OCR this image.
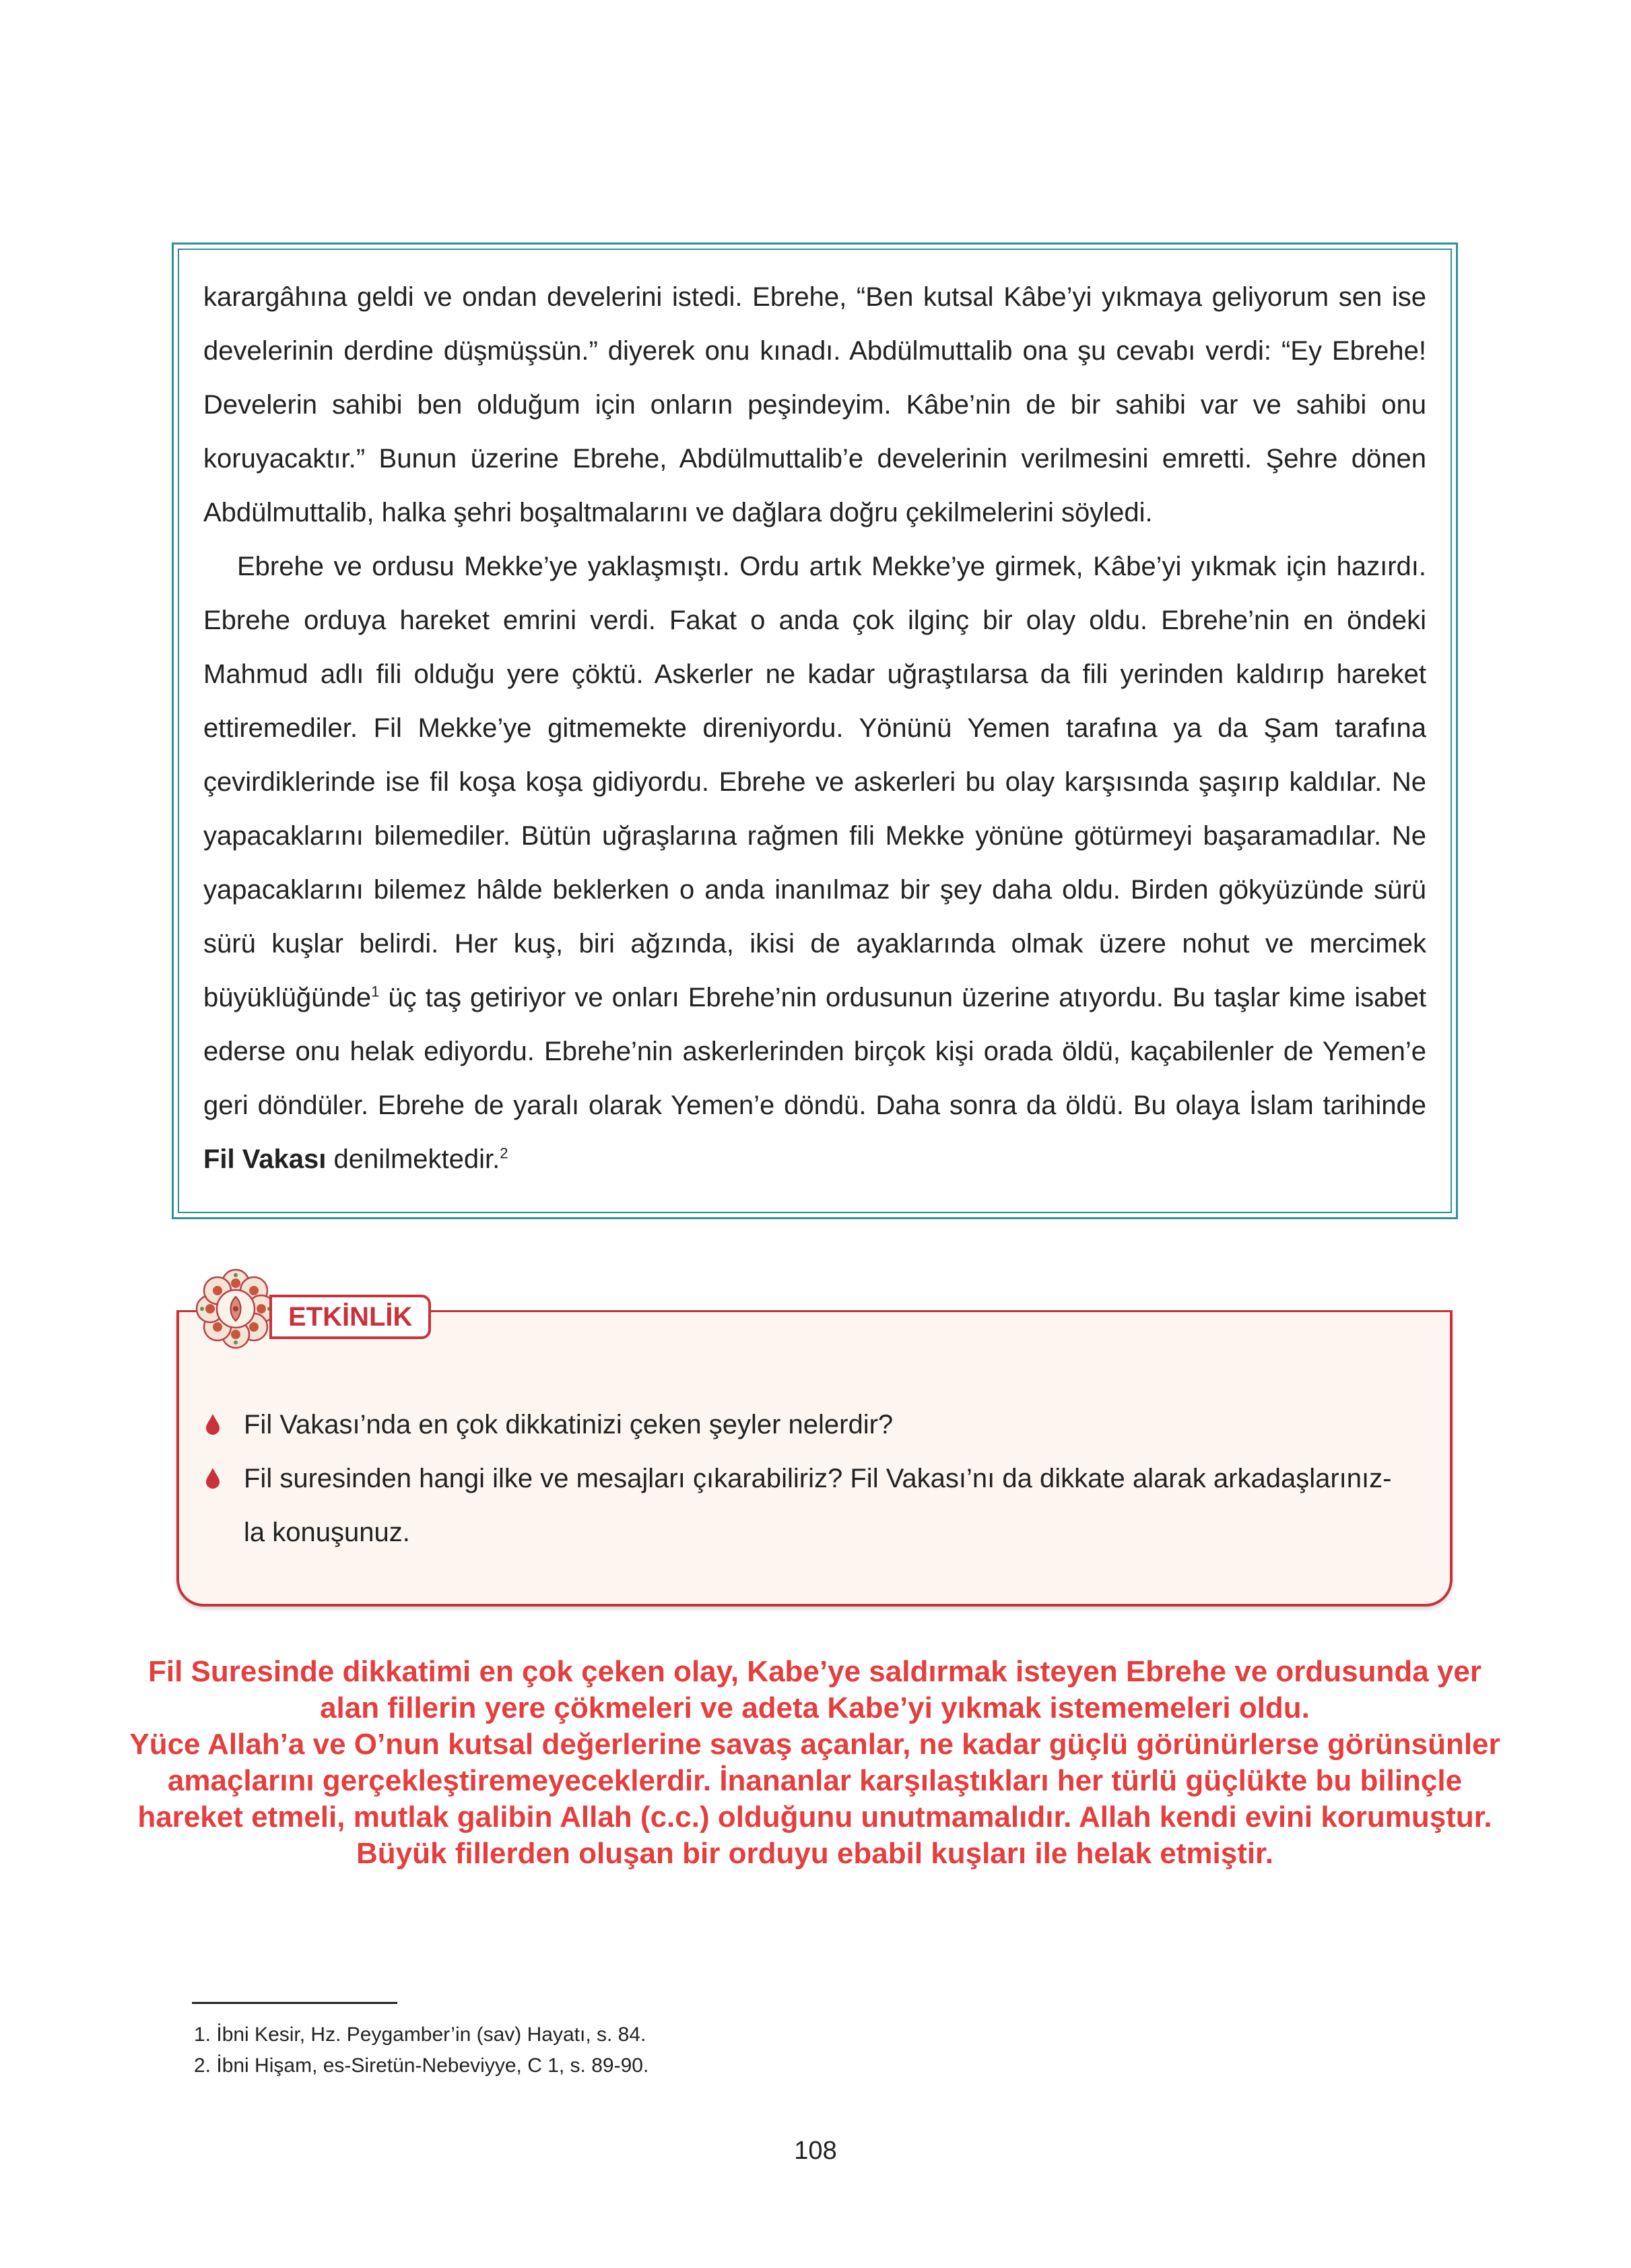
karargâhına geldi ve ondan develerini istedi. Ebrehe, “Ben kutsal Kâbe’yi yıkmaya geliyorum sen ise develerinin derdine düşmüşsün.” diyerek onu kınadı. Abdülmuttalib ona şu cevabı verdi: “Ey Ebrehe! Develerin sahibi ben olduğum için onların peşindeyim. Kâbe’nin de bir sahibi var ve sahibi onu koruyacaktır.” Bunun üzerine Ebrehe, Abdülmuttalib’e develerinin verilmesini emretti. Şehre dönen Abdülmuttalib, halka şehri boşaltmalarını ve dağlara doğru çekilmelerini söyledi.

Ebrehe ve ordusu Mekke’ye yaklaşmıştı. Ordu artık Mekke’ye girmek, Kâbe’yi yıkmak için hazırdı. Ebrehe orduya hareket emrini verdi. Fakat o anda çok ilginç bir olay oldu. Ebrehe’nin en öndeki Mahmud adlı fili olduğu yere çöktü. Askerler ne kadar uğraştılarsa da fili yerinden kaldırıp hareket ettiremediler. Fil Mekke’ye gitmemekte direniyordu. Yönünü Yemen tarafına ya da Şam tarafına çevirdiklerinde ise fil koşa koşa gidiyordu. Ebrehe ve askerleri bu olay karşısında şaşırıp kaldılar. Ne yapacaklarını bilemediler. Bütün uğraşlarına rağmen fili Mekke yönüne götürmeyi başaramadılar. Ne yapacaklarını bilemez hâlde beklerken o anda inanılmaz bir şey daha oldu. Birden gökyüzünde sürü sürü kuşlar belirdi. Her kuş, biri ağzında, ikisi de ayaklarında olmak üzere nohut ve mercimek büyüklüğünde$^1$ üç taş getiriyor ve onları Ebrehe’nin ordusunun üzerine atıyordu. Bu taşlar kime isabet ederse onu helak ediyordu. Ebrehe’nin askerlerinden birçok kişi orada öldü, kaçabilenler de Yemen’e geri döndüler. Ebrehe de yaralı olarak Yemen’e döndü. Daha sonra da öldü. Bu olaya İslam tarihinde Fil Vakası denilmektedir.$^2$

ETKİNLİK
Fil Vakası’nda en çok dikkatinizi çeken şeyler nelerdir?
Fil suresinden hangi ilke ve mesajları çıkarabiliriz? Fil Vakası’nı da dikkate alarak arkadaşlarınız-
la konuşunuz.
Fil Suresinde dikkatimi en çok çeken olay, Kabe’ye saldırmak isteyen Ebrehe ve ordusunda yer
alan fillerin yere çökmeleri ve adeta Kabe’yi yıkmak istememeleri oldu.
Yüce Allah’a ve O’nun kutsal değerlerine savaş açanlar, ne kadar güçlü görünürlerse görünsünler
amaçlarını gerçekleştiremeyeceklerdir. İnananlar karşılaştıkları her türlü güçlükte bu bilinçle
hareket etmeli, mutlak galibin Allah (c.c.) olduğunu unutmamalıdır. Allah kendi evini korumuştur.
Büyük fillerden oluşan bir orduyu ebabil kuşları ile helak etmiştir.
1. İbni Kesir, Hz. Peygamber’in (sav) Hayatı, s. 84.
2. İbni Hişam, es-Siretün-Nebeviyye, C 1, s. 89-90.
108
